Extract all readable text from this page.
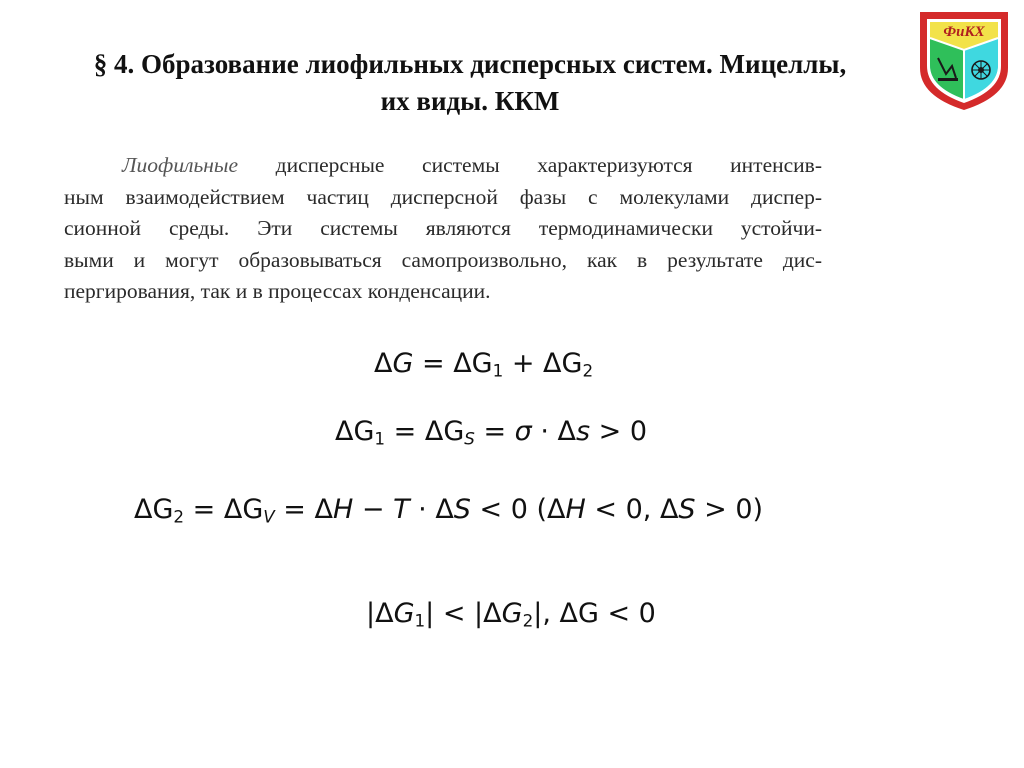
§ 4. Образование лиофильных дисперсных систем. Мицеллы,
их виды. ККМ
ФиКХ
Лиофильные дисперсные системы характеризуются интенсив-
ным взаимодействием частиц дисперсной фазы с молекулами диспер-
сионной среды. Эти системы являются термодинамически устойчи-
выми и могут образовываться самопроизвольно, как в результате дис-
пергирования, так и в процессах конденсации.
$\Delta G = \Delta G_1 + \Delta G_2$
$\Delta G_1 = \Delta G_S = \sigma \cdot \Delta s > 0$
$\Delta G_2 = \Delta G_V = \Delta H - T \cdot \Delta S < 0$ (ΔH < 0, ΔS > 0)
$|\Delta G_1| < |\Delta G_2|$, ΔG < 0
